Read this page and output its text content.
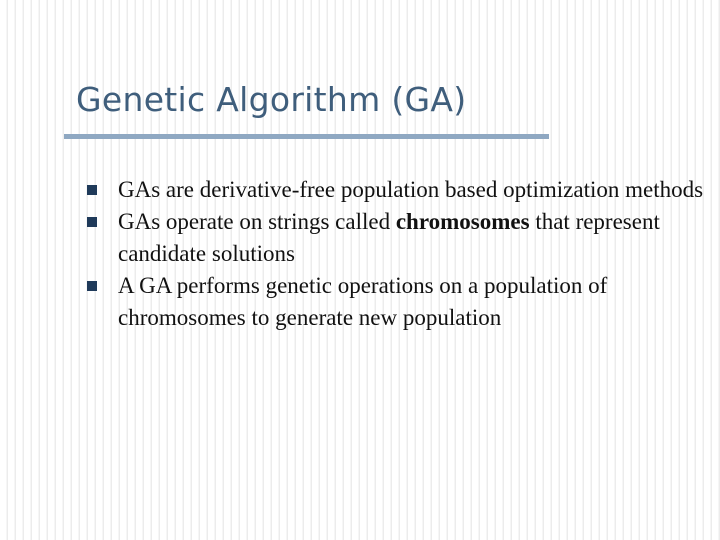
Genetic Algorithm (GA)
GAs are derivative-free population based optimization methods
GAs operate on strings called chromosomes that represent candidate solutions
A GA performs genetic operations on a population of chromosomes to generate new population
